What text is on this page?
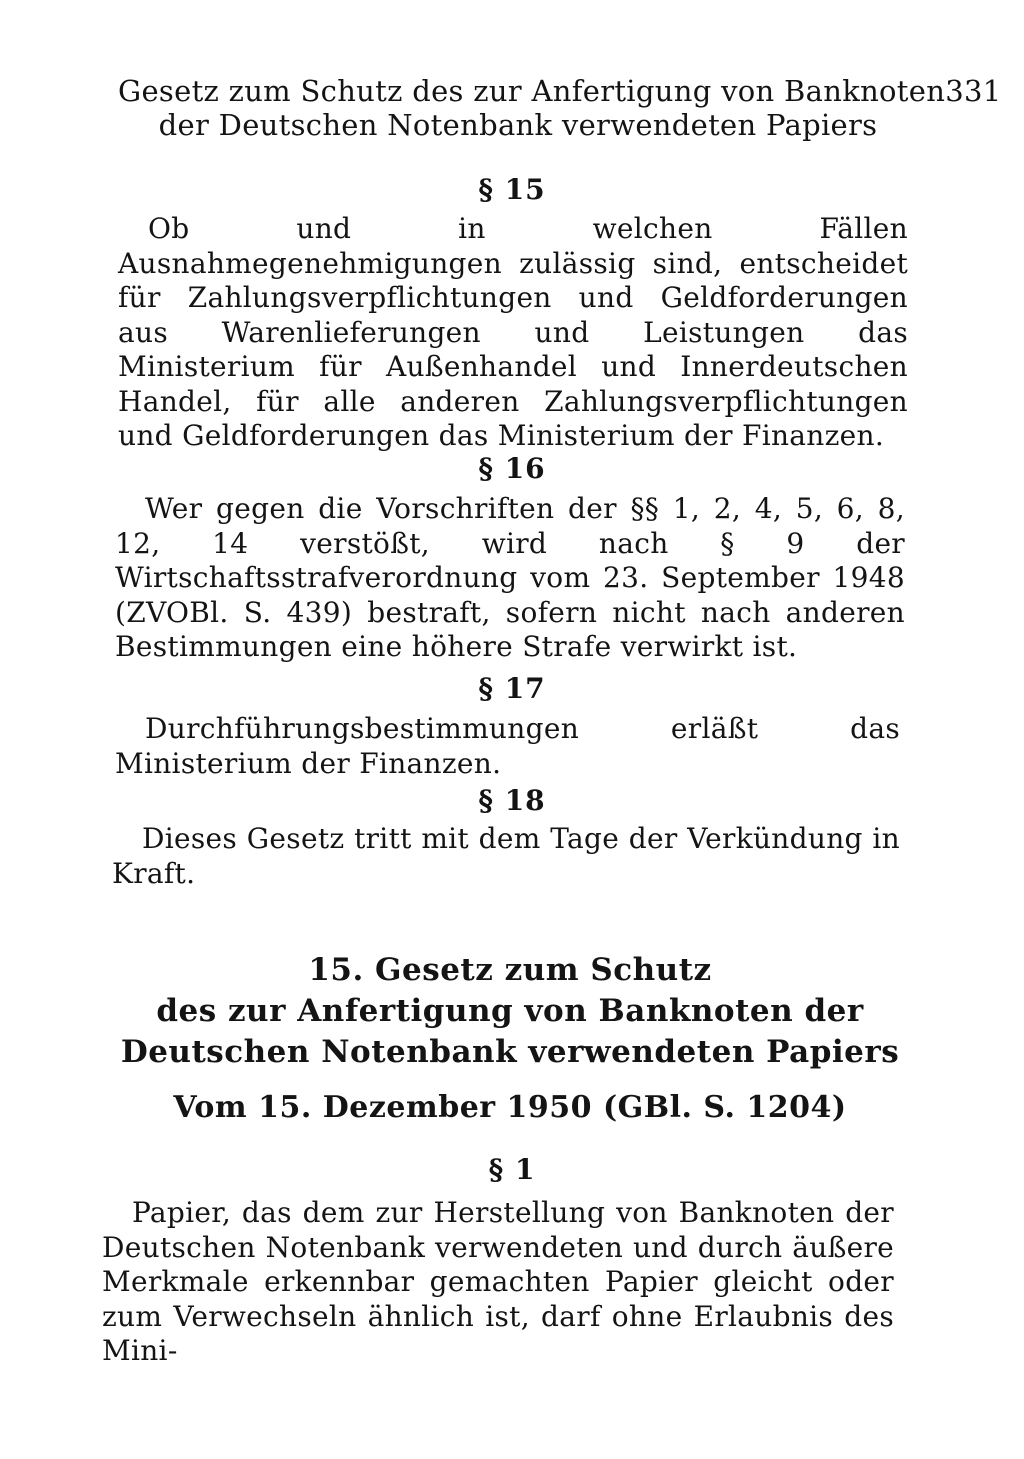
Gesetz zum Schutz des zur Anfertigung von Banknoten 331
der Deutschen Notenbank verwendeten Papiers
§ 15

Ob und in welchen Fällen Ausnahmegenehmigungen zulässig sind, entscheidet für Zahlungsverpflichtungen und Geldforderungen aus Warenlieferungen und Leistungen das Ministerium für Außenhandel und Innerdeutschen Handel, für alle anderen Zahlungsverpflichtungen und Geldforderungen das Ministerium der Finanzen.

§ 16

Wer gegen die Vorschriften der §§ 1, 2, 4, 5, 6, 8, 12, 14 verstößt, wird nach § 9 der Wirtschaftsstrafverordnung vom 23. September 1948 (ZVOBl. S. 439) bestraft, sofern nicht nach anderen Bestimmungen eine höhere Strafe verwirkt ist.

§ 17

Durchführungsbestimmungen erläßt das Ministerium der Finanzen.

§ 18

Dieses Gesetz tritt mit dem Tage der Verkündung in Kraft.

15. Gesetz zum Schutz
des zur Anfertigung von Banknoten der
Deutschen Notenbank verwendeten Papiers
Vom 15. Dezember 1950 (GBl. S. 1204)
§ 1

Papier, das dem zur Herstellung von Banknoten der Deutschen Notenbank verwendeten und durch äußere Merkmale erkennbar gemachten Papier gleicht oder zum Verwechseln ähnlich ist, darf ohne Erlaubnis des Mini-
